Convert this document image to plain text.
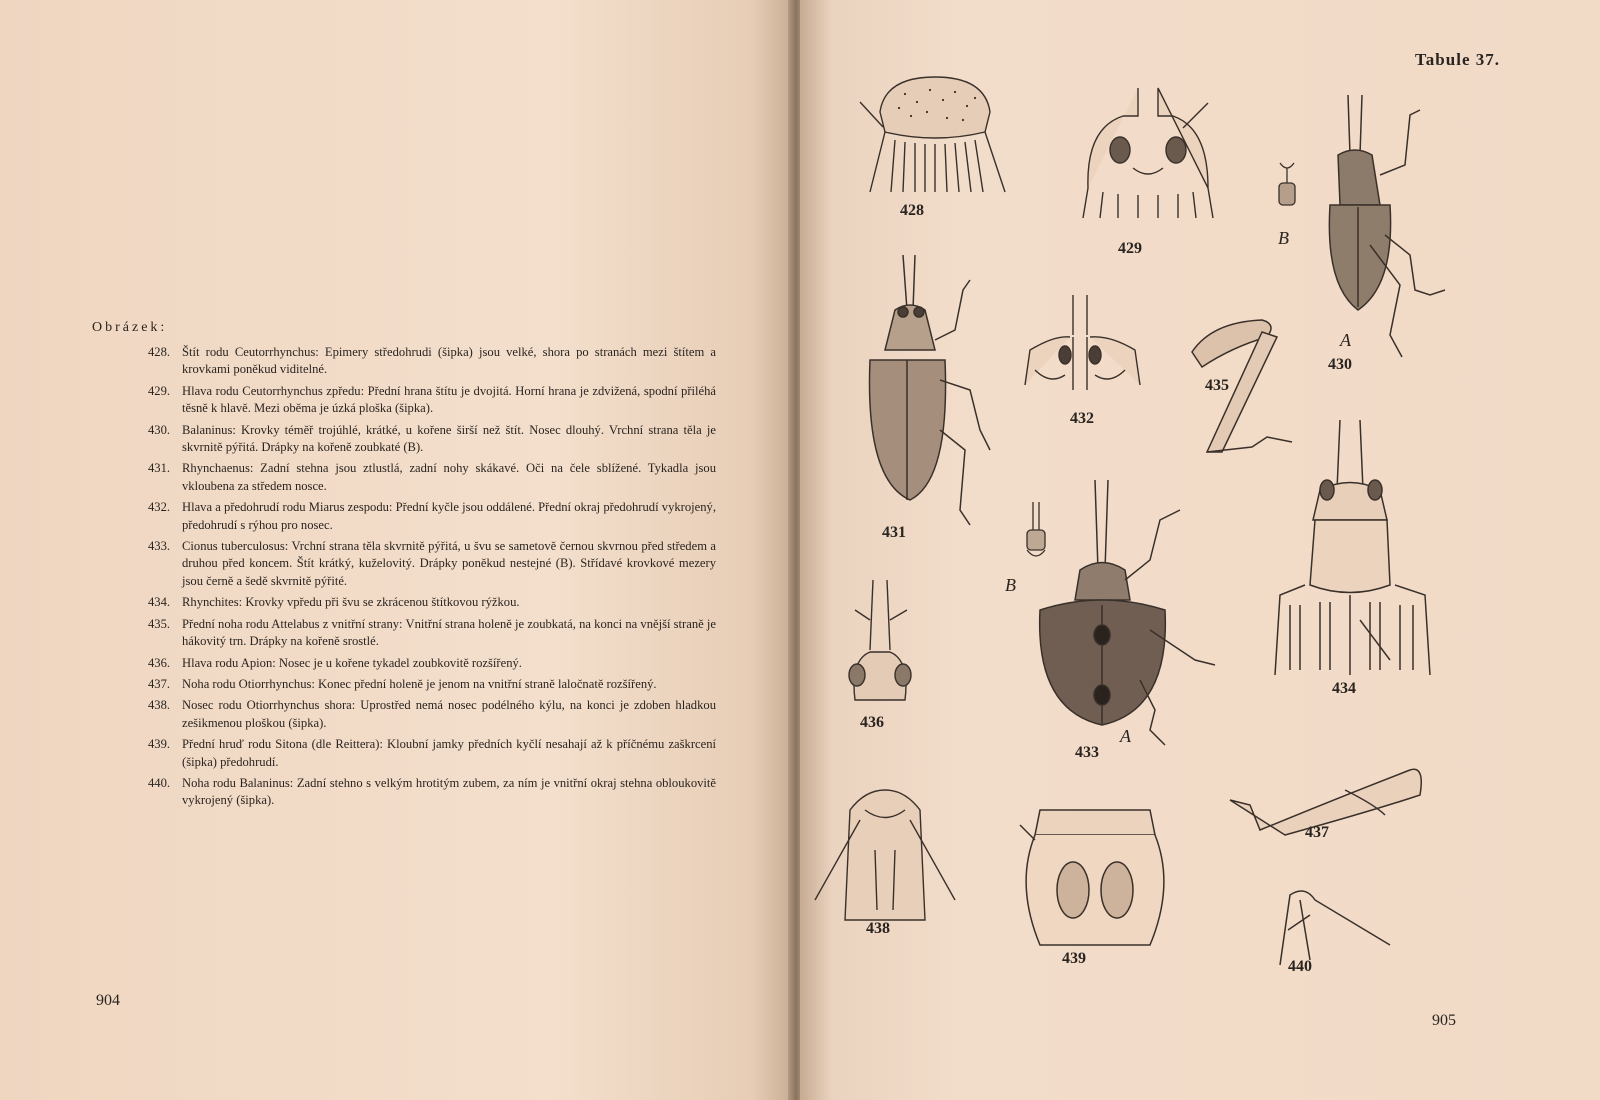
Obrázek:
428. Štít rodu Ceutorrhynchus: Epimery středohrudi (šipka) jsou velké, shora po stranách mezi štítem a krovkami poněkud viditelné.
429. Hlava rodu Ceutorrhynchus zpředu: Přední hrana štítu je dvojitá. Horní hrana je zdvižená, spodní přiléhá těsně k hlavě. Mezi oběma je úzká ploška (šipka).
430. Balaninus: Krovky téměř trojúhlé, krátké, u kořene širší než štít. Nosec dlouhý. Vrchní strana těla je skvrnitě pýřitá. Drápky na kořeně zoubkaté (B).
431. Rhynchaenus: Zadní stehna jsou ztlustlá, zadní nohy skákavé. Oči na čele sblížené. Tykadla jsou vkloubena za středem nosce.
432. Hlava a předohrudí rodu Miarus zespodu: Přední kyčle jsou oddálené. Přední okraj předohrudí vykrojený, předohrudí s rýhou pro nosec.
433. Cionus tuberculosus: Vrchní strana těla skvrnitě pýřitá, u švu se sametově černou skvrnou před středem a druhou před koncem. Štít krátký, kuželovitý. Drápky poněkud nestejné (B). Střídavé krovkové mezery jsou černě a šedě skvrnitě pýřité.
434. Rhynchites: Krovky vpředu při švu se zkrácenou štítkovou rýžkou.
435. Přední noha rodu Attelabus z vnitřní strany: Vnitřní strana holeně je zoubkatá, na konci na vnější straně je hákovitý trn. Drápky na kořeně srostlé.
436. Hlava rodu Apion: Nosec je u kořene tykadel zoubkovitě rozšířený.
437. Noha rodu Otiorrhynchus: Konec přední holeně je jenom na vnitřní straně laločnatě rozšířený.
438. Nosec rodu Otiorrhynchus shora: Uprostřed nemá nosec podélného kýlu, na konci je zdoben hladkou zešikmenou ploškou (šipka).
439. Přední hruď rodu Sitona (dle Reittera): Kloubní jamky předních kyčlí nesahají až k příčnému zaškrcení (šipka) předohrudí.
440. Noha rodu Balaninus: Zadní stehno s velkým hrotitým zubem, za ním je vnitřní okraj stehna obloukovitě vykrojený (šipka).
904
Tabule 37.
428
429
A
430
B
431
432
435
434
A
433
B
436
437
438
439	440
905
